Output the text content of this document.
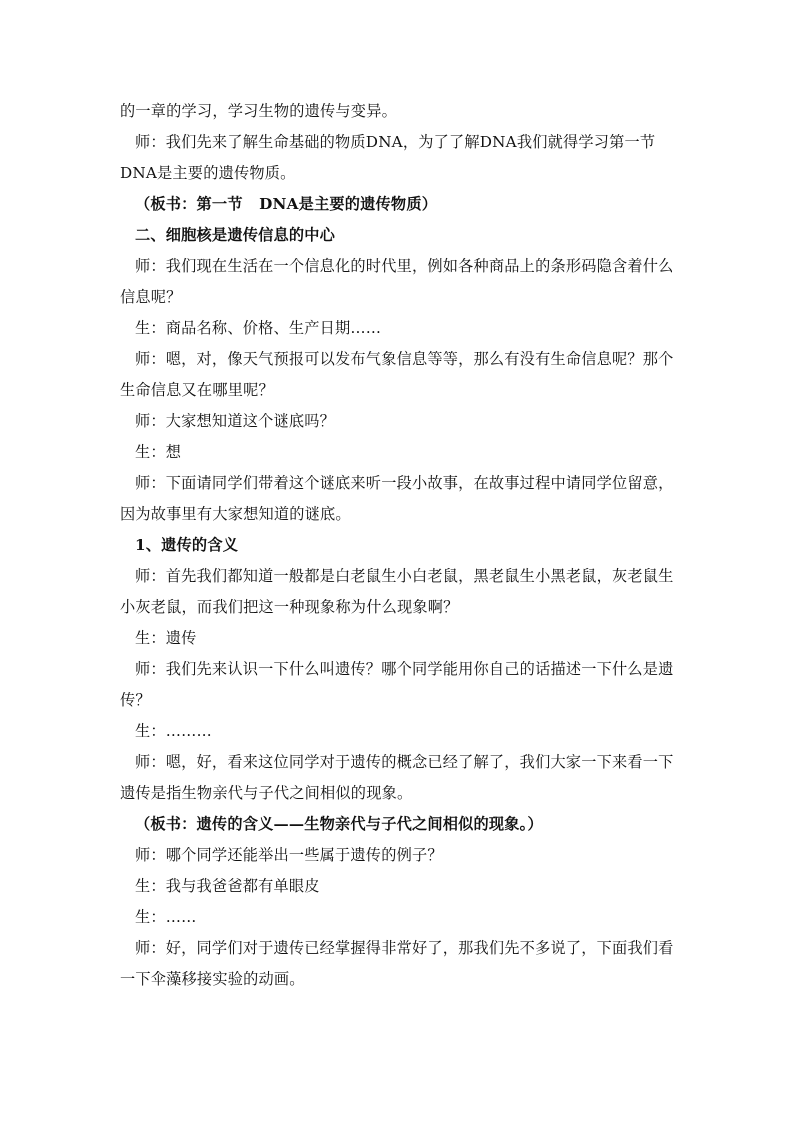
的一章的学习，学习生物的遗传与变异。

师：我们先来了解生命基础的物质DNA，为了了解DNA我们就得学习第一节DNA是主要的遗传物质。

（板书：第一节   DNA是主要的遗传物质）

二、细胞核是遗传信息的中心

师：我们现在生活在一个信息化的时代里，例如各种商品上的条形码隐含着什么信息呢？

生：商品名称、价格、生产日期……

师：嗯，对，像天气预报可以发布气象信息等等，那么有没有生命信息呢？那个生命信息又在哪里呢？

师：大家想知道这个谜底吗？

生：想

师：下面请同学们带着这个谜底来听一段小故事，在故事过程中请同学位留意，因为故事里有大家想知道的谜底。

1、遗传的含义

师：首先我们都知道一般都是白老鼠生小白老鼠，黑老鼠生小黑老鼠，灰老鼠生小灰老鼠，而我们把这一种现象称为什么现象啊？

生：遗传

师：我们先来认识一下什么叫遗传？哪个同学能用你自己的话描述一下什么是遗传？

生：………

师：嗯，好，看来这位同学对于遗传的概念已经了解了，我们大家一下来看一下遗传是指生物亲代与子代之间相似的现象。

（板书：遗传的含义——生物亲代与子代之间相似的现象。）

师：哪个同学还能举出一些属于遗传的例子？

生：我与我爸爸都有单眼皮

生：……

师：好，同学们对于遗传已经掌握得非常好了，那我们先不多说了，下面我们看一下伞藻移接实验的动画。
